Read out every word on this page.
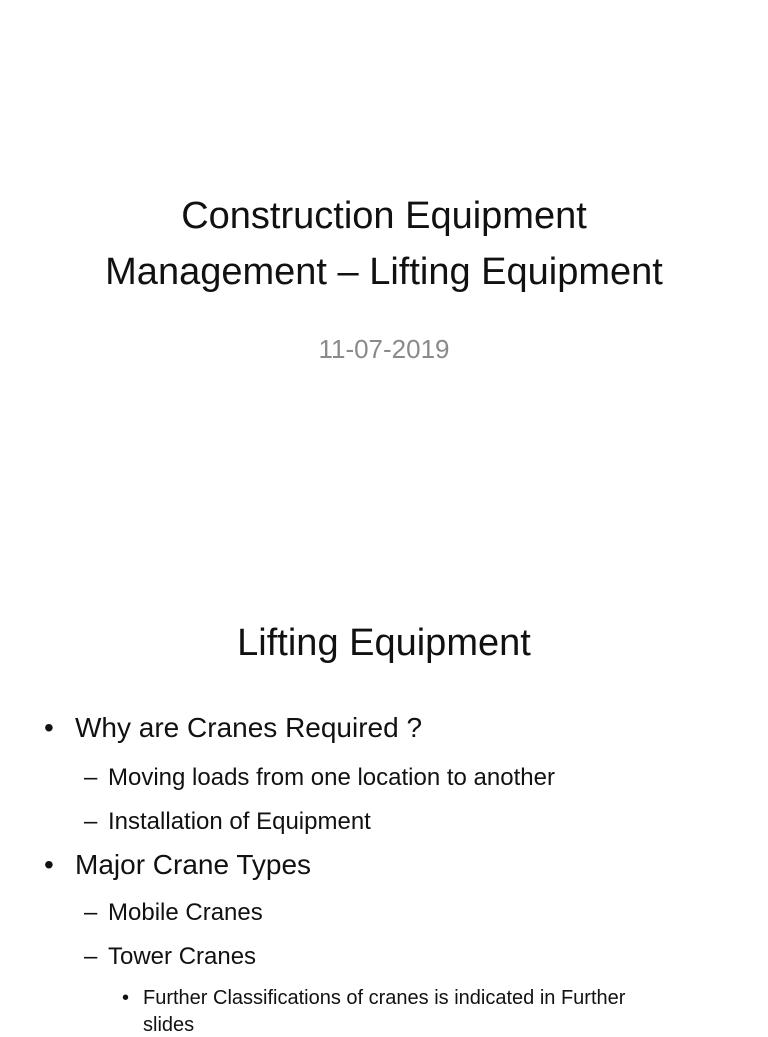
Construction Equipment
Management – Lifting Equipment
11-07-2019
Lifting Equipment
• Why are Cranes Required ?
– Moving loads from one location to another
– Installation of Equipment
• Major Crane Types
– Mobile Cranes
– Tower Cranes
• Further Classifications of cranes is indicated in Further
slides
